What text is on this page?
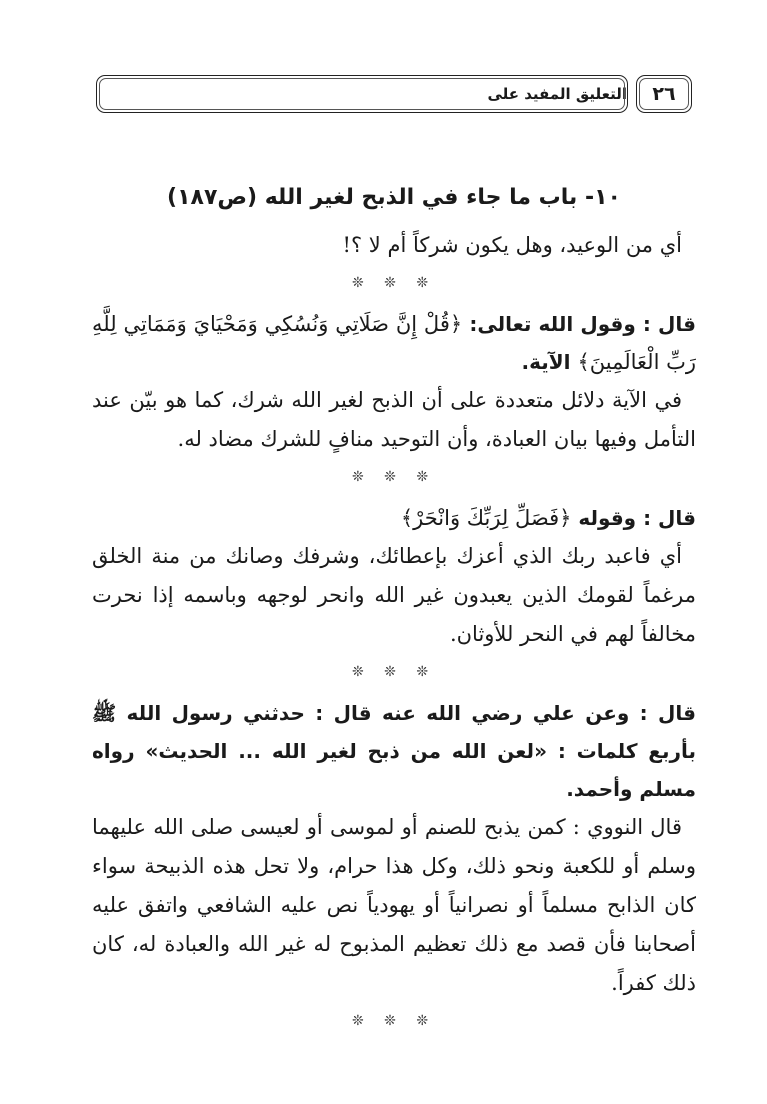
التعليق المفيد على	٢٦
١٠- باب ما جاء في الذبح لغير الله (ص١٨٧)

أي من الوعيد، وهل يكون شركاً أم لا ؟!

❊ ❊ ❊

قال : وقول الله تعالى: ﴿قُلْ إِنَّ صَلَاتِي وَنُسُكِي وَمَحْيَايَ وَمَمَاتِي لِلَّهِ رَبِّ الْعَالَمِينَ﴾ الآية.

في الآية دلائل متعددة على أن الذبح لغير الله شرك، كما هو بيّن عند التأمل وفيها بيان العبادة، وأن التوحيد منافٍ للشرك مضاد له.

❊ ❊ ❊

قال : وقوله ﴿فَصَلِّ لِرَبِّكَ وَانْحَرْ﴾

أي فاعبد ربك الذي أعزك بإعطائك، وشرفك وصانك من منة الخلق مرغماً لقومك الذين يعبدون غير الله وانحر لوجهه وباسمه إذا نحرت مخالفاً لهم في النحر للأوثان.

❊ ❊ ❊

قال : وعن علي رضي الله عنه قال : حدثني رسول الله ﷺ بأربع كلمات : «لعن الله من ذبح لغير الله ... الحديث» رواه مسلم وأحمد.

قال النووي : كمن يذبح للصنم أو لموسى أو لعيسى صلى الله عليهما وسلم أو للكعبة ونحو ذلك، وكل هذا حرام، ولا تحل هذه الذبيحة سواء كان الذابح مسلماً أو نصرانياً أو يهودياً نص عليه الشافعي واتفق عليه أصحابنا فأن قصد مع ذلك تعظيم المذبوح له غير الله والعبادة له، كان ذلك كفراً.

❊ ❊ ❊
